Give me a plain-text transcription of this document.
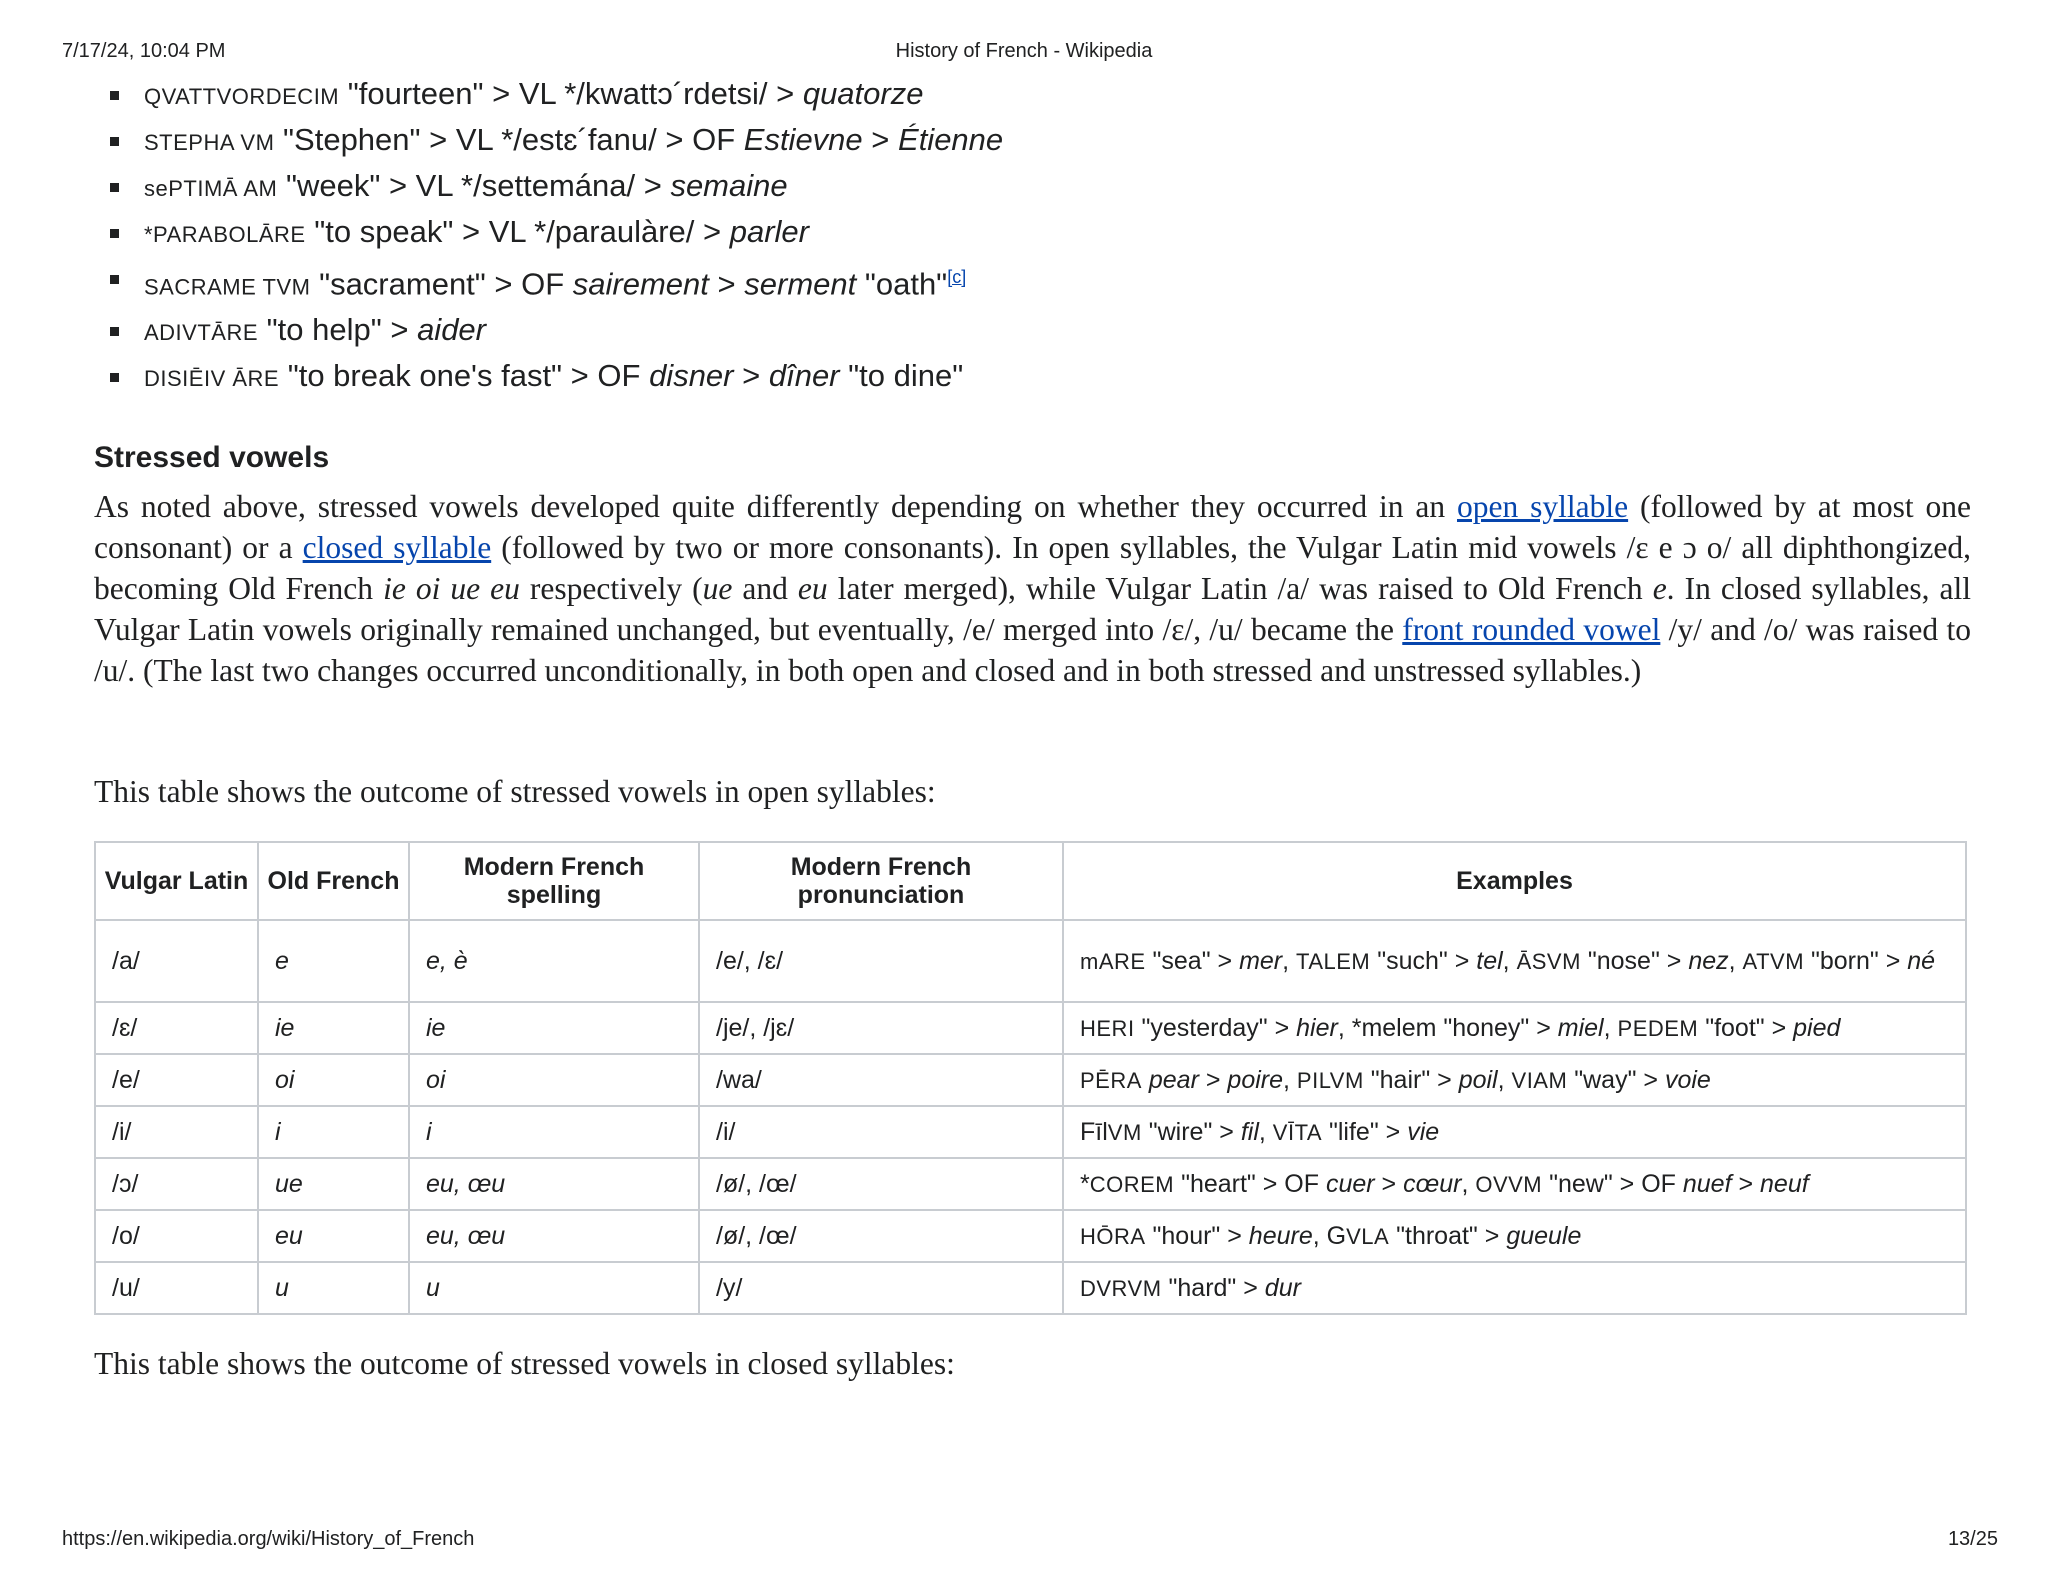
7/17/24, 10:04 PM	History of French - Wikipedia
QVATTVORDECIM "fourteen" > VL */kwattɔ´rdetsi/ > quatorze
STEPHA VM "Stephen" > VL */estɛ´fanu/ > OF Estievne > Étienne
sePTIMĀ AM "week" > VL */settemána/ > semaine
*PARABOLĀRE "to speak" > VL */paraulàre/ > parler
SACRAME TVM "sacrament" > OF sairement > serment "oath"[c]
ADIVTĀRE "to help" > aider
DISIĒIV ĀRE "to break one's fast" > OF disner > dîner "to dine"
Stressed vowels

As noted above, stressed vowels developed quite differently depending on whether they occurred in an open syllable (followed by at most one consonant) or a closed syllable (followed by two or more consonants). In open syllables, the Vulgar Latin mid vowels /ɛ e ɔ o/ all diphthongized, becoming Old French ie oi ue eu respectively (ue and eu later merged), while Vulgar Latin /a/ was raised to Old French e. In closed syllables, all Vulgar Latin vowels originally remained unchanged, but eventually, /e/ merged into /ɛ/, /u/ became the front rounded vowel /y/ and /o/ was raised to /u/. (The last two changes occurred unconditionally, in both open and closed and in both stressed and unstressed syllables.)

This table shows the outcome of stressed vowels in open syllables:

Vulgar Latin	Old French	Modern French spelling	Modern French pronunciation	Examples
/a/	e	e, è	/e/, /ɛ/	mARE "sea" > mer, TALEM "such" > tel, ĀSVM "nose" > nez, ATVM "born" > né
/ɛ/	ie	ie	/je/, /jɛ/	HERI "yesterday" > hier, *melem "honey" > miel, PEDEM "foot" > pied
/e/	oi	oi	/wa/	PĒRA pear > poire, PILVM "hair" > poil, VIAM "way" > voie
/i/	i	i	/i/	FīlVM "wire" > fil, VĪTA "life" > vie
/ɔ/	ue	eu, œu	/ø/, /œ/	*COREM "heart" > OF cuer > cœur, OVVM "new" > OF nuef > neuf
/o/	eu	eu, œu	/ø/, /œ/	HŌRA "hour" > heure, GVLA "throat" > gueule
/u/	u	u	/y/	DVRVM "hard" > dur

This table shows the outcome of stressed vowels in closed syllables:

https://en.wikipedia.org/wiki/History_of_French	13/25
